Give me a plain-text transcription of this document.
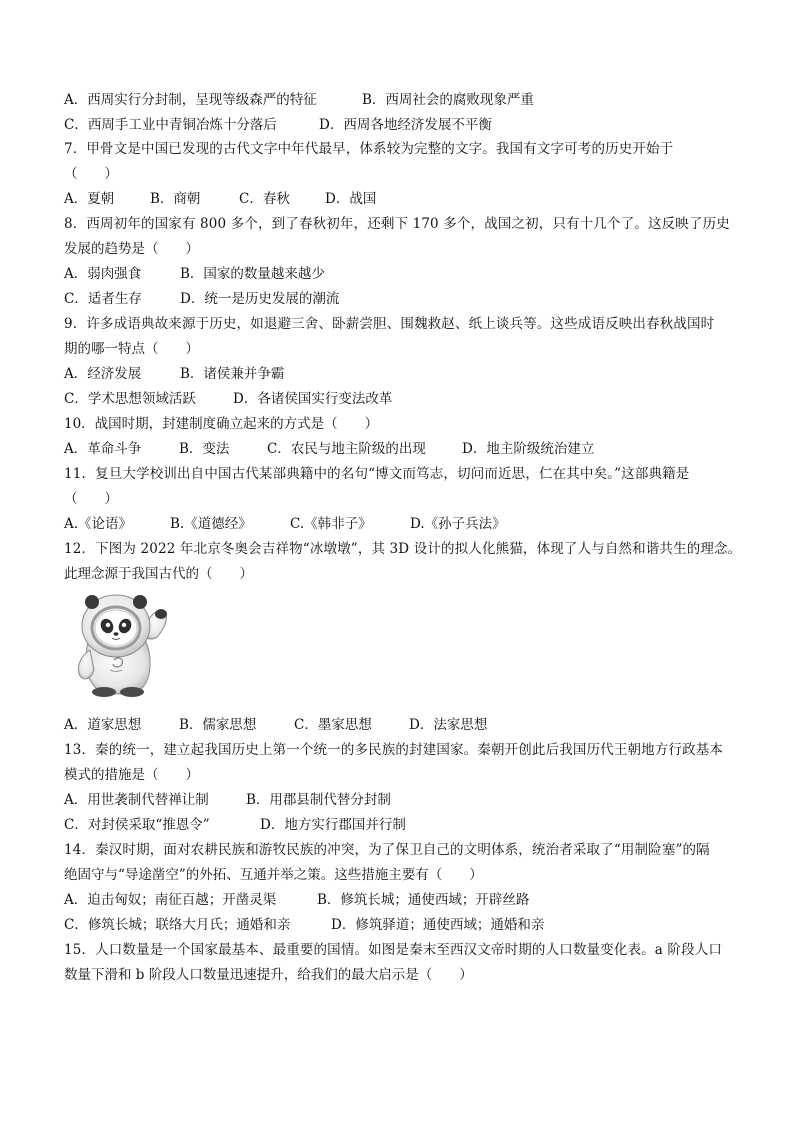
A．西周实行分封制，呈现等级森严的特征	B．西周社会的腐败现象严重
C．西周手工业中青铜冶炼十分落后	D．西周各地经济发展不平衡
7．甲骨文是中国已发现的古代文字中年代最早，体系较为完整的文字。我国有文字可考的历史开始于
（　　）
A．夏朝	B．商朝	C．春秋	D．战国
8．西周初年的国家有 800 多个，到了春秋初年，还剩下 170 多个，战国之初，只有十几个了。这反映了历史
发展的趋势是（　　）
A．弱肉强食	B．国家的数量越来越少
C．适者生存	D．统一是历史发展的潮流
9．许多成语典故来源于历史，如退避三舍、卧薪尝胆、围魏救赵、纸上谈兵等。这些成语反映出春秋战国时
期的哪一特点（　　）
A．经济发展	B．诸侯兼并争霸
C．学术思想领域活跃	D．各诸侯国实行变法改革
10．战国时期，封建制度确立起来的方式是（　　）
A．革命斗争	B．变法	C．农民与地主阶级的出现	D．地主阶级统治建立
11．复旦大学校训出自中国古代某部典籍中的名句“博文而笃志，切问而近思，仁在其中矣。”这部典籍是
（　　）
A.《论语》	B.《道德经》	C.《韩非子》	D.《孙子兵法》
12．下图为 2022 年北京冬奥会吉祥物“冰墩墩”，其 3D 设计的拟人化熊猫，体现了人与自然和谐共生的理念。
此理念源于我国古代的（　　）
A．道家思想	B．儒家思想	C．墨家思想	D．法家思想
13．秦的统一，建立起我国历史上第一个统一的多民族的封建国家。秦朝开创此后我国历代王朝地方行政基本
模式的措施是（　　）
A．用世袭制代替禅让制	B．用郡县制代替分封制
C．对封侯采取“推恩令”	D．地方实行郡国并行制
14．秦汉时期，面对农耕民族和游牧民族的冲突，为了保卫自己的文明体系，统治者采取了“用制险塞”的隔
绝固守与“导途凿空”的外拓、互通并举之策。这些措施主要有（　　）
A．迫击匈奴；南征百越；开凿灵渠	B．修筑长城；通使西域；开辟丝路
C．修筑长城；联络大月氏；通婚和亲	D．修筑驿道；通使西域；通婚和亲
15．人口数量是一个国家最基本、最重要的国情。如图是秦末至西汉文帝时期的人口数量变化表。a 阶段人口
数量下滑和 b 阶段人口数量迅速提升，给我们的最大启示是（　　）
